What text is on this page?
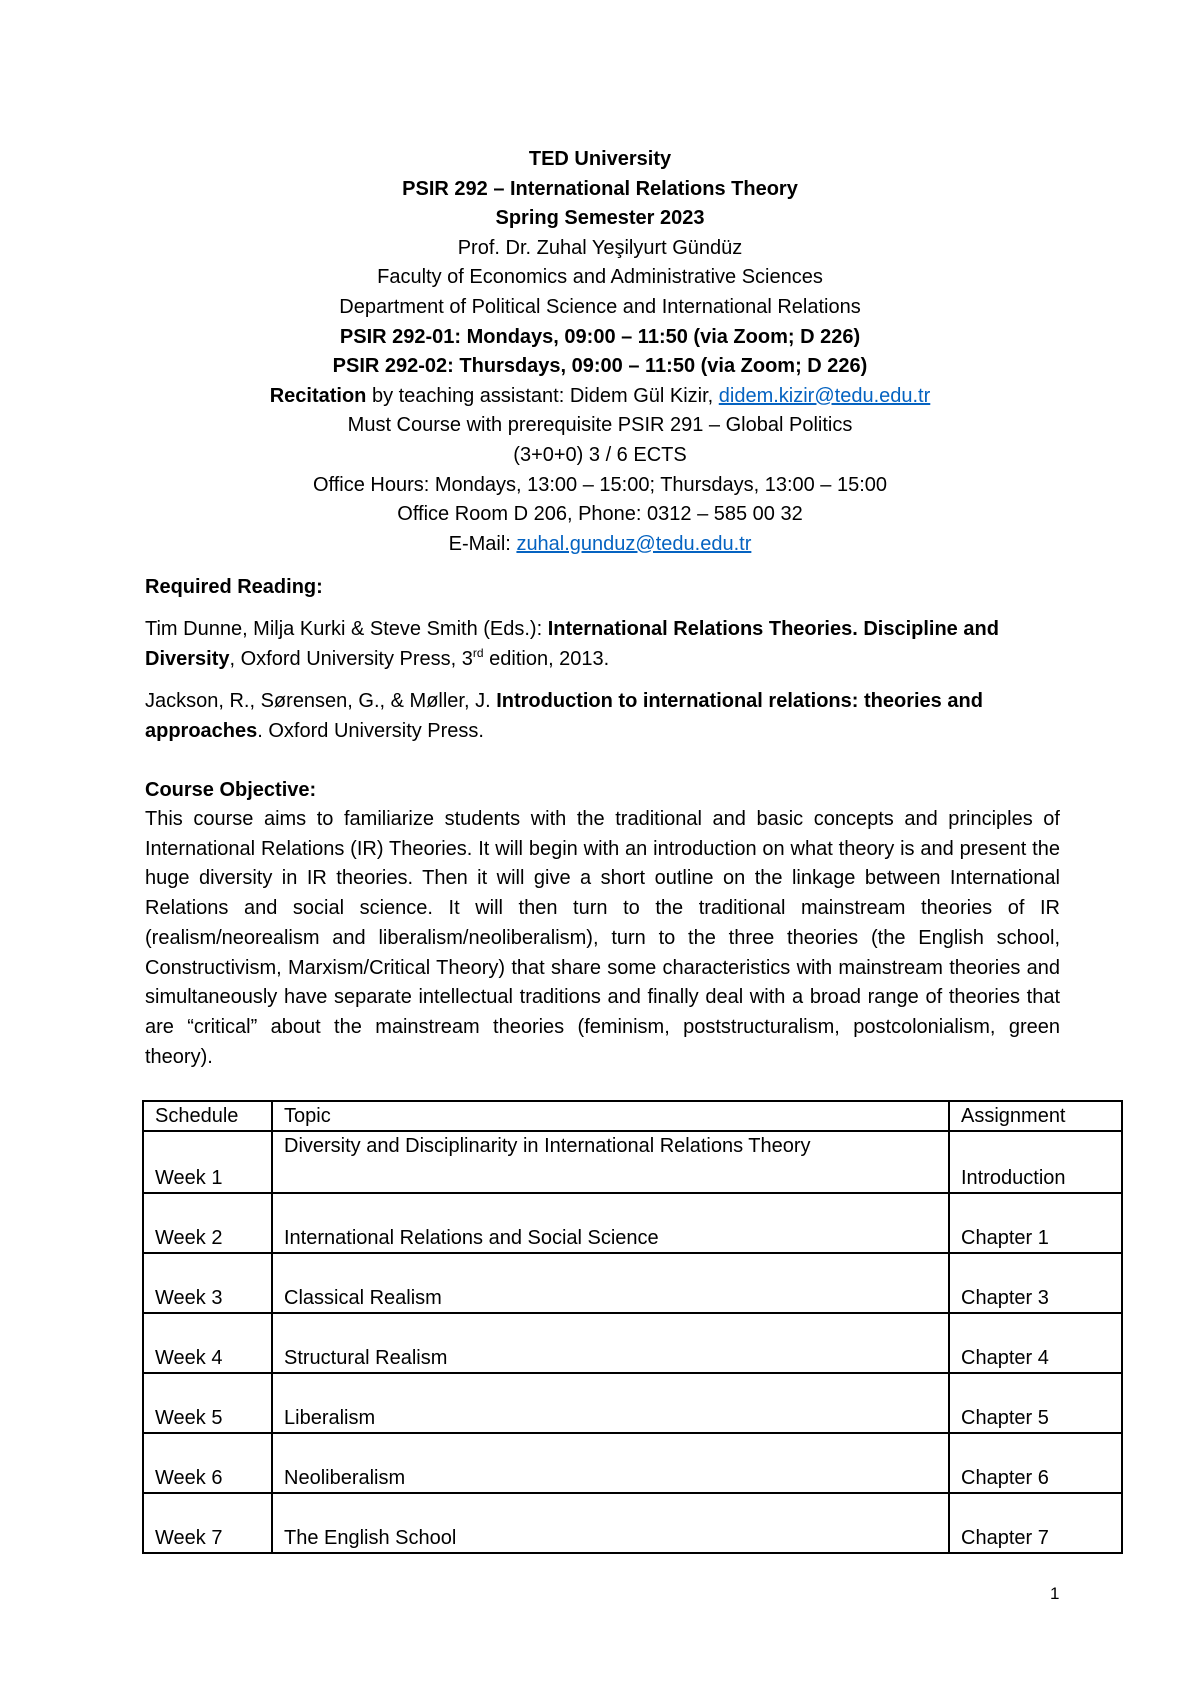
TED University
PSIR 292 – International Relations Theory
Spring Semester 2023
Prof. Dr. Zuhal Yeşilyurt Gündüz
Faculty of Economics and Administrative Sciences
Department of Political Science and International Relations
PSIR 292-01: Mondays, 09:00 – 11:50 (via Zoom; D 226)
PSIR 292-02: Thursdays, 09:00 – 11:50 (via Zoom; D 226)
Recitation by teaching assistant: Didem Gül Kizir, didem.kizir@tedu.edu.tr
Must Course with prerequisite PSIR 291 – Global Politics
(3+0+0) 3 / 6 ECTS
Office Hours: Mondays, 13:00 – 15:00; Thursdays, 13:00 – 15:00
Office Room D 206, Phone: 0312 – 585 00 32
E-Mail: zuhal.gunduz@tedu.edu.tr
Required Reading:
Tim Dunne, Milja Kurki & Steve Smith (Eds.): International Relations Theories. Discipline and Diversity, Oxford University Press, 3rd edition, 2013.
Jackson, R., Sørensen, G., & Møller, J. Introduction to international relations: theories and approaches. Oxford University Press.
Course Objective:
This course aims to familiarize students with the traditional and basic concepts and principles of International Relations (IR) Theories. It will begin with an introduction on what theory is and present the huge diversity in IR theories. Then it will give a short outline on the linkage between International Relations and social science. It will then turn to the traditional mainstream theories of IR (realism/neorealism and liberalism/neoliberalism), turn to the three theories (the English school, Constructivism, Marxism/Critical Theory) that share some characteristics with mainstream theories and simultaneously have separate intellectual traditions and finally deal with a broad range of theories that are “critical” about the mainstream theories (feminism, poststructuralism, postcolonialism, green theory).
Schedule	Topic	Assignment
Week 1	Diversity and Disciplinarity in International Relations Theory	Introduction
Week 2	International Relations and Social Science	Chapter 1
Week 3	Classical Realism	Chapter 3
Week 4	Structural Realism	Chapter 4
Week 5	Liberalism	Chapter 5
Week 6	Neoliberalism	Chapter 6
Week 7	The English School	Chapter 7
1
